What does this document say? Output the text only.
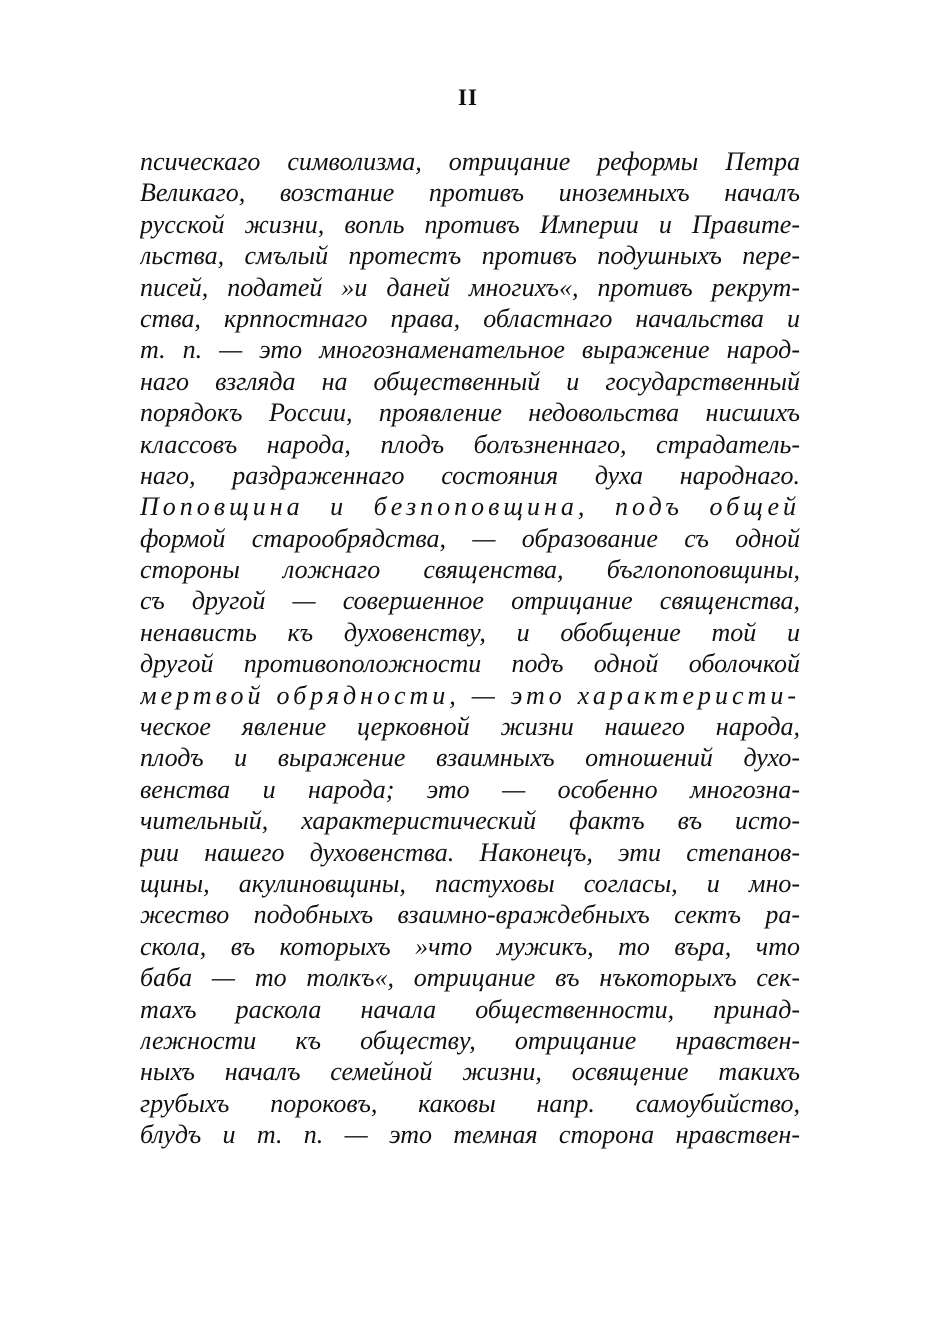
II
псическаго символизма, отрицание реформы Петра
Великаго, возстание противъ иноземныхъ началъ
русской жизни, вопль противъ Империи и Правите-
льства, смълый протестъ противъ подушныхъ пере-
писей, податей »и даней многихъ«, противъ рекрут-
ства, крппостнаго права, областнаго начальства и
т. п. — это многознаменательное выражение народ-
наго взгляда на общественный и государственный
порядокъ России, проявление недовольства нисшихъ
классовъ народа, плодъ болъзненнаго, страдатель-
наго, раздраженнаго состояния духа народнаго.
Поповщина и безпоповщина, подъ общей
формой старообрядства, — образование съ одной
стороны ложнаго священства, бъглопоповщины,
съ другой — совершенное отрицание священства,
ненависть къ духовенству, и обобщение той и
другой противоположности подъ одной оболочкой
мертвой обрядности, — это характеристи-
ческое явление церковной жизни нашего народа,
плодъ и выражение взаимныхъ отношений духо-
венства и народа; это — особенно многозна-
чительный, характеристический фактъ въ исто-
рии нашего духовенства. Наконецъ, эти степанов-
щины, акулиновщины, пастуховы согласы, и мно-
жество подобныхъ взаимно-враждебныхъ сектъ ра-
скола, въ которыхъ »что мужикъ, то въра, что
баба — то толкъ«, отрицание въ нъкоторыхъ сек-
тахъ раскола начала общественности, принад-
лежности къ обществу, отрицание нравствен-
ныхъ началъ семейной жизни, освящение такихъ
грубыхъ пороковъ, каковы напр. самоубийство,
блудъ и т. п. — это темная сторона нравствен-
